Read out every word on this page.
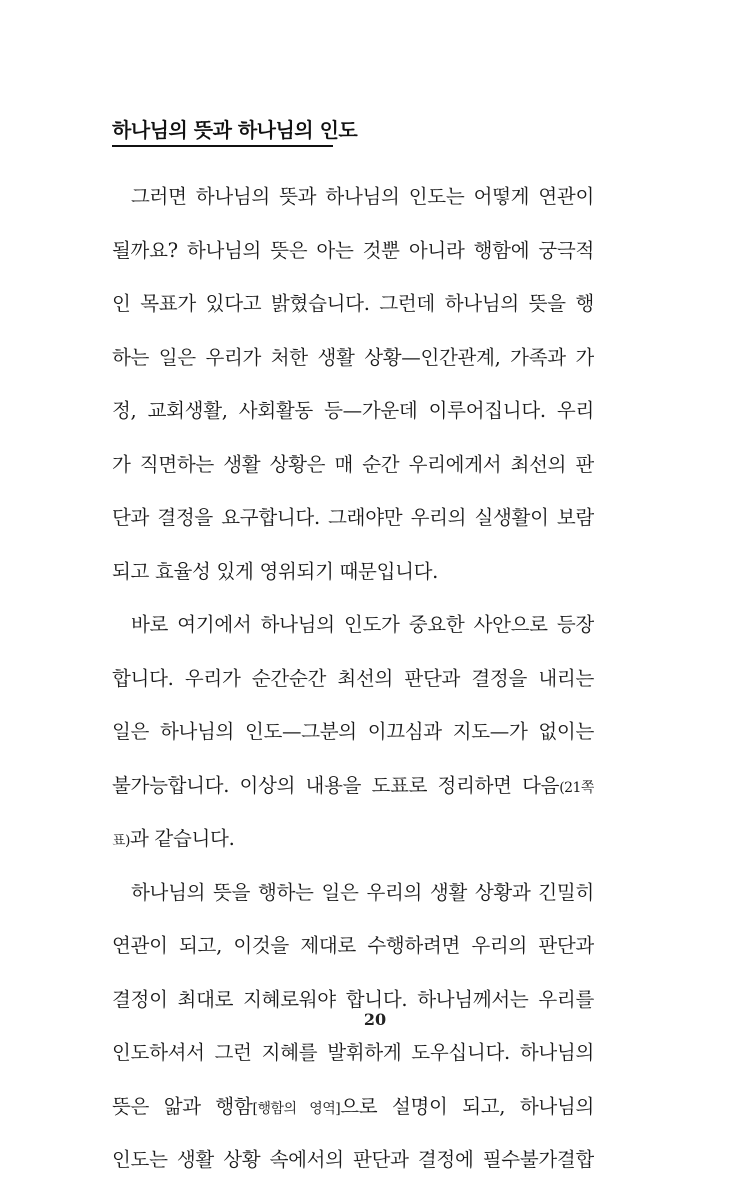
하나님의 뜻과 하나님의 인도
그러면 하나님의 뜻과 하나님의 인도는 어떻게 연관이
될까요? 하나님의 뜻은 아는 것뿐 아니라 행함에 궁극적
인 목표가 있다고 밝혔습니다. 그런데 하나님의 뜻을 행
하는 일은 우리가 처한 생활 상황—인간관계, 가족과 가
정, 교회생활, 사회활동 등—가운데 이루어집니다. 우리
가 직면하는 생활 상황은 매 순간 우리에게서 최선의 판
단과 결정을 요구합니다. 그래야만 우리의 실생활이 보람
되고 효율성 있게 영위되기 때문입니다.
바로 여기에서 하나님의 인도가 중요한 사안으로 등장
합니다. 우리가 순간순간 최선의 판단과 결정을 내리는
일은 하나님의 인도—그분의 이끄심과 지도—가 없이는
불가능합니다. 이상의 내용을 도표로 정리하면 다음(21쪽
표)과 같습니다.
하나님의 뜻을 행하는 일은 우리의 생활 상황과 긴밀히
연관이 되고, 이것을 제대로 수행하려면 우리의 판단과
결정이 최대로 지혜로워야 합니다. 하나님께서는 우리를
인도하셔서 그런 지혜를 발휘하게 도우십니다. 하나님의
뜻은 앎과 행함[행함의 영역]으로 설명이 되고, 하나님의
인도는 생활 상황 속에서의 판단과 결정에 필수불가결합
20
